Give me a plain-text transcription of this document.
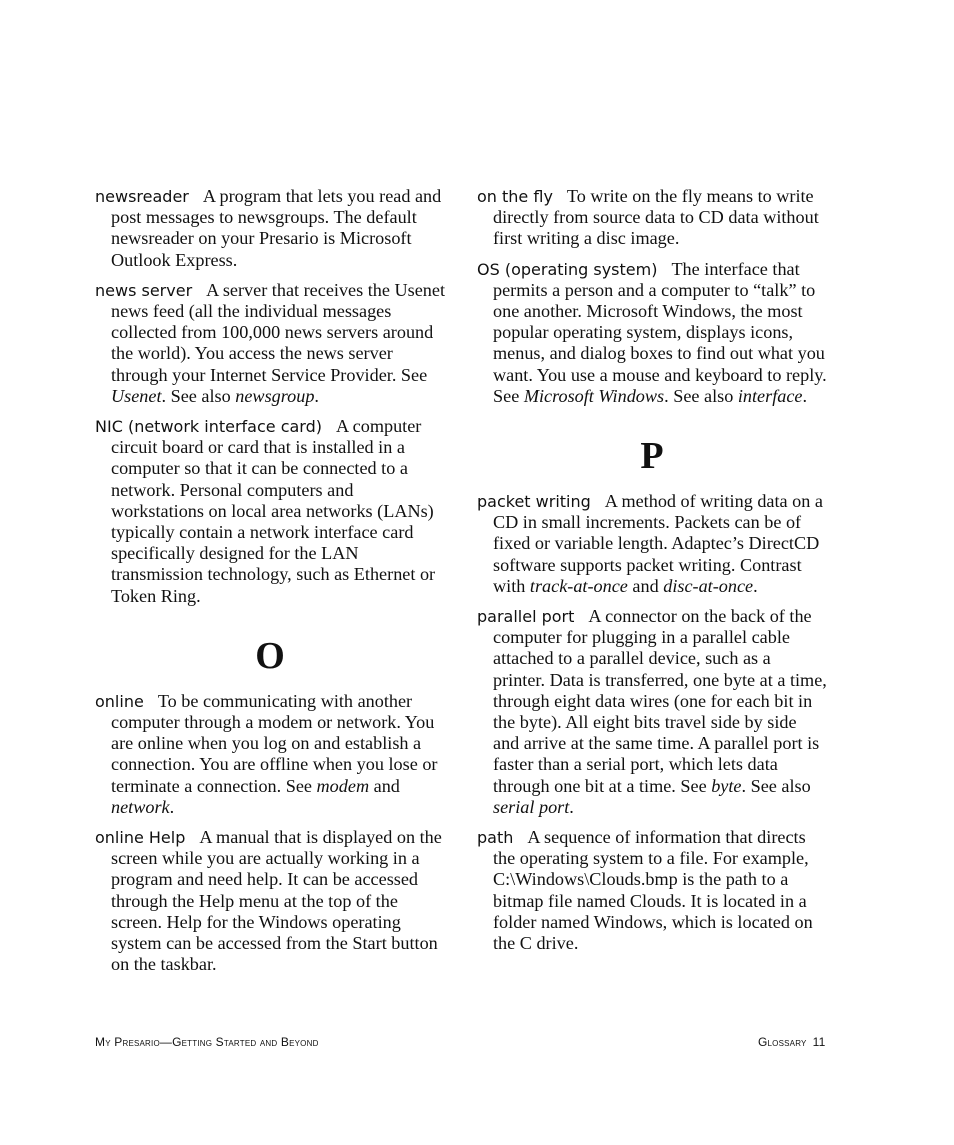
newsreader A program that lets you read and post messages to newsgroups. The default newsreader on your Presario is Microsoft Outlook Express.

news server A server that receives the Usenet news feed (all the individual messages collected from 100,000 news servers around the world). You access the news server through your Internet Service Provider. See Usenet. See also newsgroup.

NIC (network interface card) A computer circuit board or card that is installed in a computer so that it can be connected to a network. Personal computers and workstations on local area networks (LANs) typically contain a network interface card specifically designed for the LAN transmission technology, such as Ethernet or Token Ring.

O

online To be communicating with another computer through a modem or network. You are online when you log on and establish a connection. You are offline when you lose or terminate a connection. See modem and network.

online Help A manual that is displayed on the screen while you are actually working in a program and need help. It can be accessed through the Help menu at the top of the screen. Help for the Windows operating system can be accessed from the Start button on the taskbar.

on the fly To write on the fly means to write directly from source data to CD data without first writing a disc image.

OS (operating system) The interface that permits a person and a computer to “talk” to one another. Microsoft Windows, the most popular operating system, displays icons, menus, and dialog boxes to find out what you want. You use a mouse and keyboard to reply. See Microsoft Windows. See also interface.

P

packet writing A method of writing data on a CD in small increments. Packets can be of fixed or variable length. Adaptec’s DirectCD software supports packet writing. Contrast with track-at-once and disc-at-once.

parallel port A connector on the back of the computer for plugging in a parallel cable attached to a parallel device, such as a printer. Data is transferred, one byte at a time, through eight data wires (one for each bit in the byte). All eight bits travel side by side and arrive at the same time. A parallel port is faster than a serial port, which lets data through one bit at a time. See byte. See also serial port.

path A sequence of information that directs the operating system to a file. For example, C:\Windows\Clouds.bmp is the path to a bitmap file named Clouds. It is located in a folder named Windows, which is located on the C drive.

My Presario—Getting Started and Beyond	Glossary 11
